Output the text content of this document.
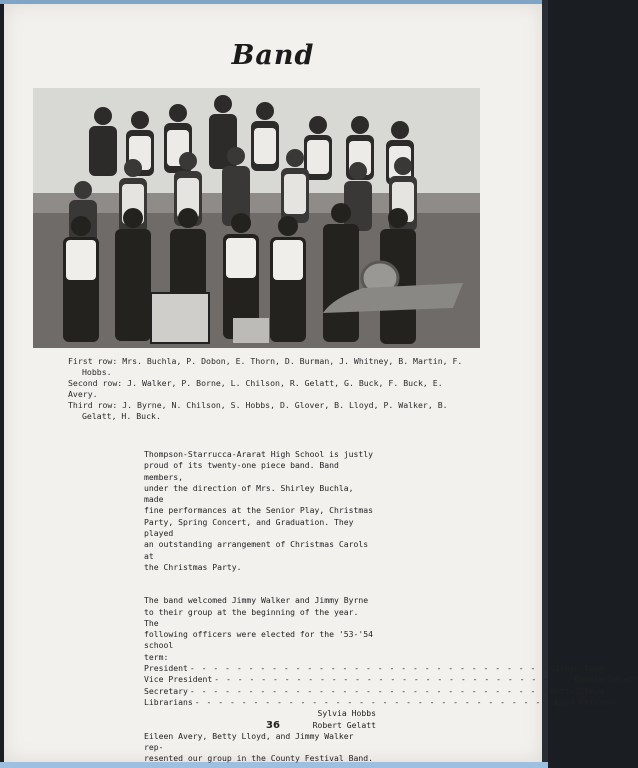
Band

First row: Mrs. Buchla, P. Dobon, E. Thorn, D. Burman, J. Whitney, B. Martin, F.

Hobbs.

Second row: J. Walker, P. Borne, L. Chilson, R. Gelatt, G. Buck, F. Buck, E. Avery.

Third row: J. Byrne, N. Chilson, S. Hobbs, D. Glover, B. Lloyd, P. Walker, B.

Gelatt, H. Buck.

Thompson-Starrucca-Ararat High School is justly

proud of its twenty-one piece band. Band members,

under the direction of Mrs. Shirley Buchla, made

fine performances at the Senior Play, Christmas

Party, Spring Concert, and Graduation. They played

an outstanding arrangement of Christmas Carols at

the Christmas Party.

The band welcomed Jimmy Walker and Jimmy Byrne

to their group at the beginning of the year. The

following officers were elected for the '53-'54 school

term:

President - - - - - - - - - - - - - - - - - - - - - - - - - - - - - - - Girdon Buck
Vice President - - - - - - - - - - - - - - - - - - - - - - - - - - - - - - - Bonnie Gelatt
Secretary - - - - - - - - - - - - - - - - - - - - - - - - - - - - - - - Betty Lloyd
Librarians - - - - - - - - - - - - - - - - - - - - - - - - - - - - - - - Loyd Chilson

Sylvia Hobbs

Robert Gelatt

Eileen Avery, Betty Lloyd, and Jimmy Walker rep-

resented our group in the County Festival Band.

36
